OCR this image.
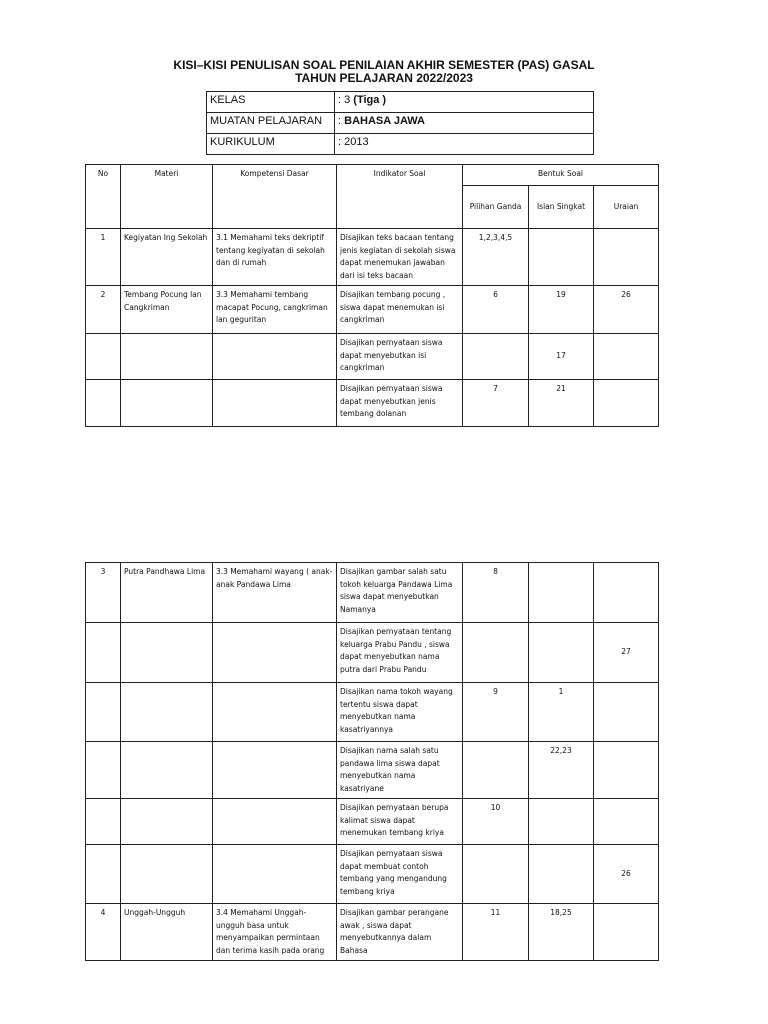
KISI–KISI PENULISAN SOAL PENILAIAN AKHIR SEMESTER (PAS) GASAL
TAHUN PELAJARAN 2022/2023
KELAS	: 3 (Tiga )
MUATAN PELAJARAN	: BAHASA JAWA
KURIKULUM	: 2013
No	Materi	Kompetensi Dasar	Indikator Soal	Bentuk Soal		
				Pilihan Ganda	Isian Singkat	Uraian
1	Kegiyatan Ing Sekolah	3.1 Memahami teks dekriptif tentang kegiyatan di sekolah dan di rumah	Disajikan teks bacaan tentang jenis kegiatan di sekolah siswa dapat menemukan jawaban dari isi teks bacaan	1,2,3,4,5		
2	Tembang Pocung lan Cangkriman	3.3 Memahami tembang macapat Pocung, cangkriman lan geguritan	Disajikan tembang pocung , siswa dapat menemukan isi cangkriman	6	19	26
			Disajikan pernyataan siswa dapat menyebutkan isi cangkriman		17	
			Disajikan pernyataan siswa dapat menyebutkan jenis tembang dolanan	7	21	
3	Putra Pandhawa Lima	3.3 Memahami wayang ( anak-anak Pandawa Lima	Disajikan gambar salah satu tokoh keluarga Pandawa Lima siswa dapat menyebutkan Namanya	8		
			Disajikan pernyataan tentang keluarga Prabu Pandu , siswa dapat menyebutkan nama putra dari Prabu Pandu			27
			Disajikan nama tokoh wayang tertentu siswa dapat menyebutkan nama kasatriyannya	9	1	
			Disajikan nama salah satu pandawa lima siswa dapat menyebutkan nama kasatriyane		22,23	
			Disajikan pernyataan berupa kalimat siswa dapat menemukan tembang kriya	10		
			Disajikan pernyataan siswa dapat membuat contoh tembang yang mengandung tembang kriya			26
4	Unggah-Ungguh	3.4 Memahami Unggah-ungguh basa untuk menyampaikan permintaan dan terima kasih pada orang	Disajikan gambar perangane awak , siswa dapat menyebutkannya dalam Bahasa	11	18,25	
